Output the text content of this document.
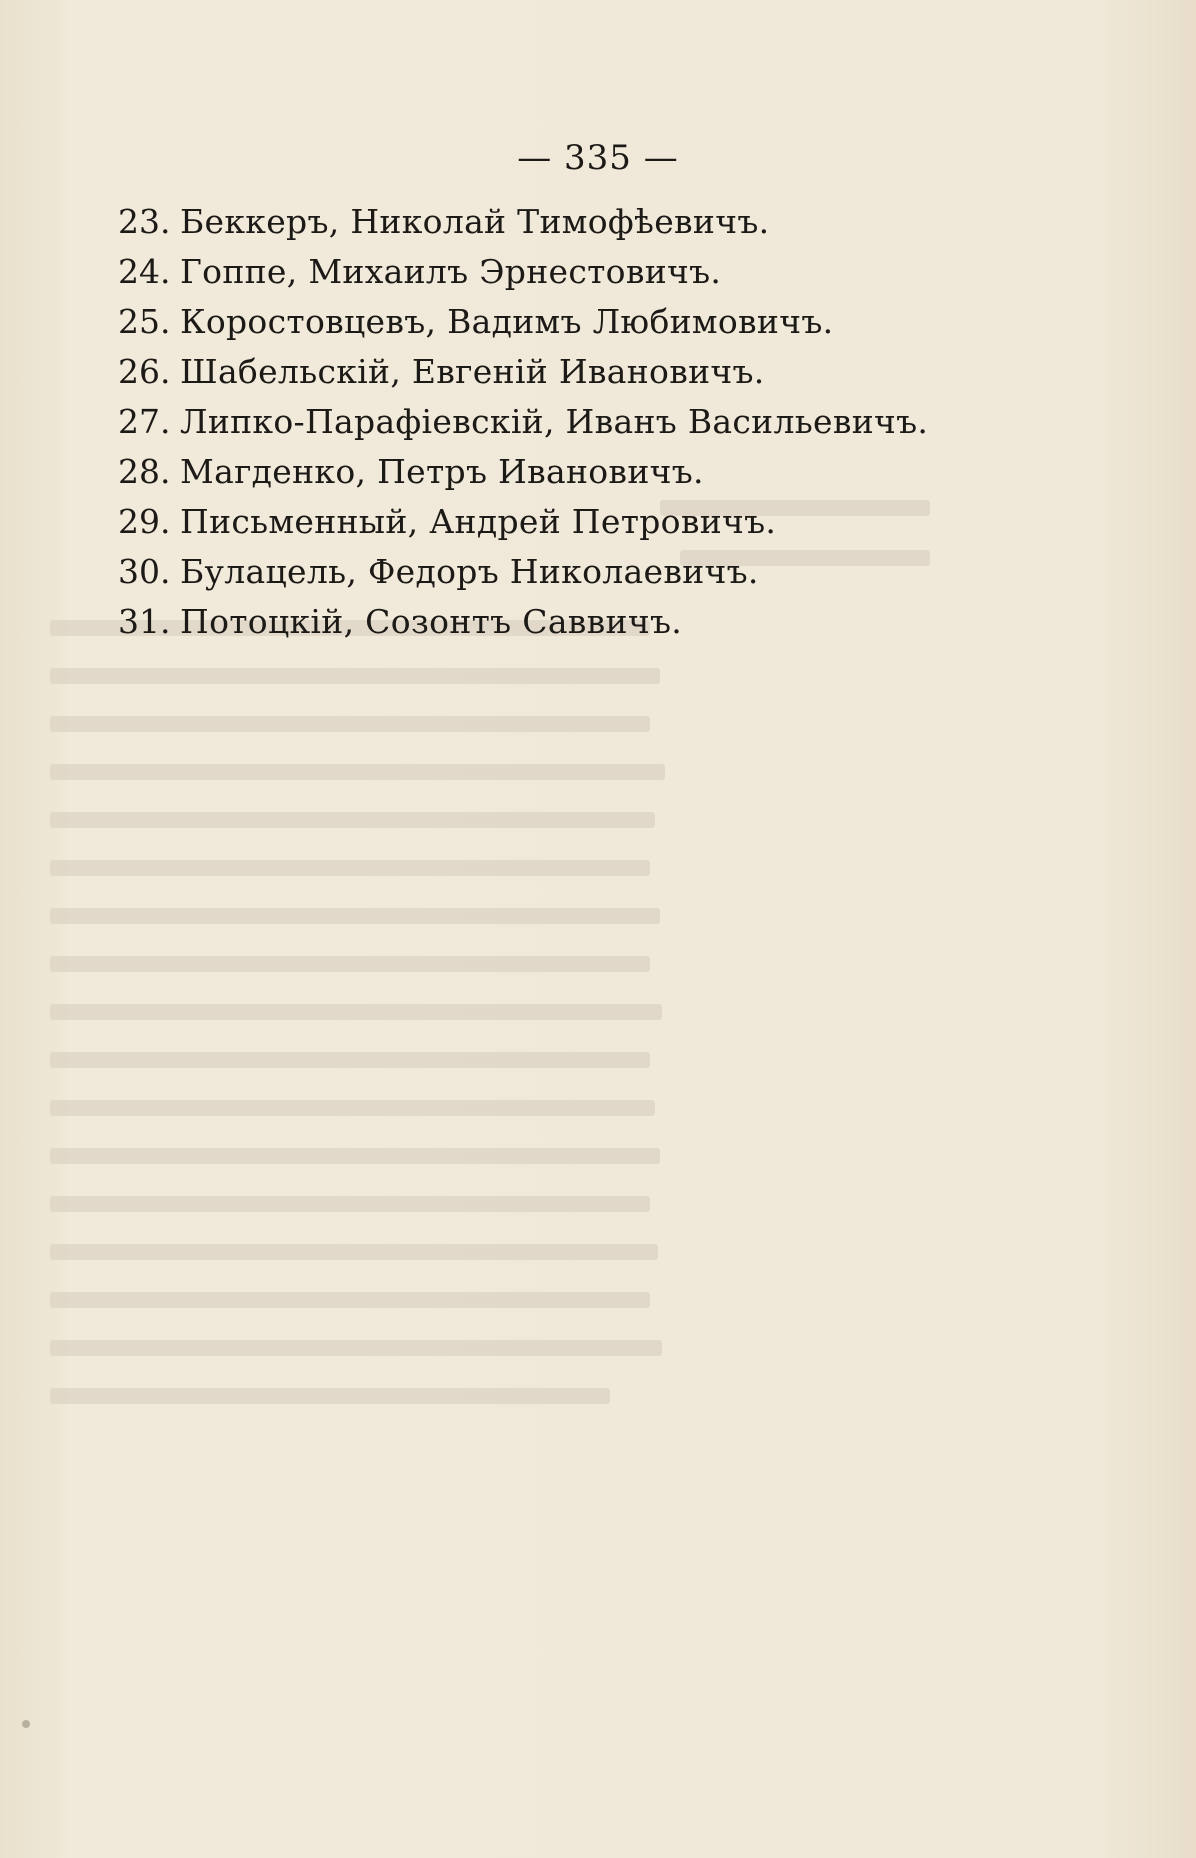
— 335 —
23. Беккеръ, Николай Тимофѣевичъ.
24. Гоппе, Михаилъ Эрнестовичъ.
25. Коростовцевъ, Вадимъ Любимовичъ.
26. Шабельскій, Евгеній Ивановичъ.
27. Липко-Парафіевскій, Иванъ Васильевичъ.
28. Магденко, Петръ Ивановичъ.
29. Письменный, Андрей Петровичъ.
30. Булацель, Федоръ Николаевичъ.
31. Потоцкій, Созонтъ Саввичъ.
